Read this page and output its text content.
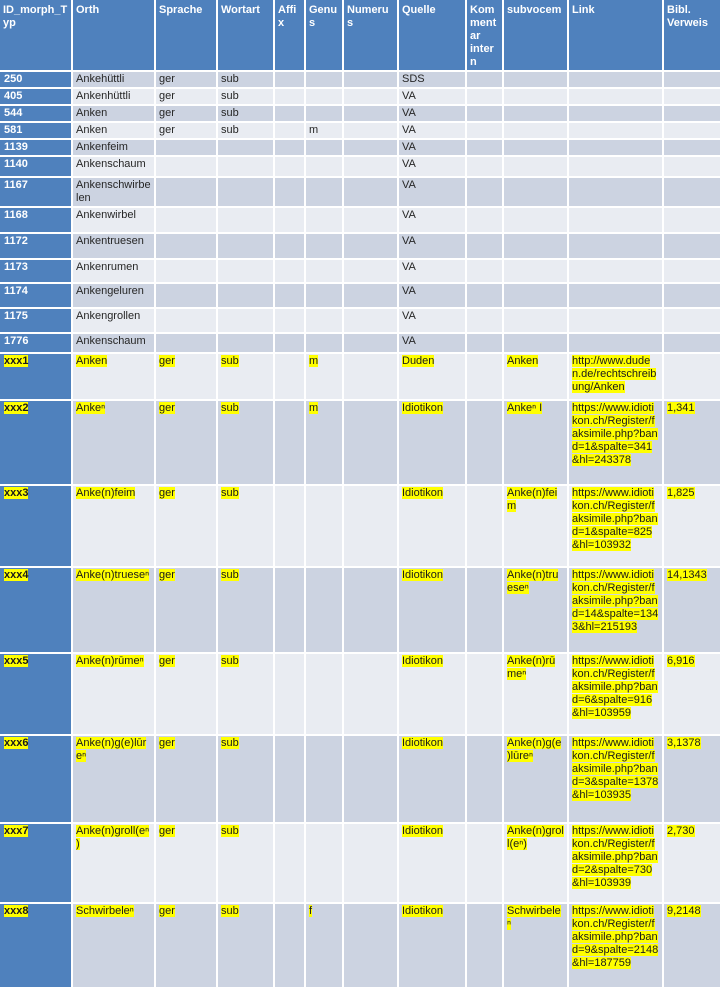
ID_morph_Typ	Orth	Sprache	Wortart	Affix	Genus	Numerus	Quelle	Kommentar intern	subvocem	Link	Bibl. Verweis
250	Ankehüttli	ger	sub				SDS				
405	Ankenhüttli	ger	sub				VA				
544	Anken	ger	sub				VA				
581	Anken	ger	sub		m		VA				
1139	Ankenfeim						VA				
1140	Ankenschaum						VA				
1167	Ankenschwirbelen						VA				
1168	Ankenwirbel						VA				
1172	Ankentruesen						VA				
1173	Ankenrumen						VA				
1174	Ankengeluren						VA				
1175	Ankengrollen						VA				
1776	Ankenschaum						VA				
xxx1	Anken	ger	sub		m		Duden		Anken	http://www.duden.de/rechtschreibung/Anken	
xxx2	Ankeⁿ	ger	sub		m		Idiotikon		Ankeⁿ I	https://www.idiotikon.ch/Register/faksimile.php?band=1&spalte=341&hl=243378	1,341
xxx3	Anke(n)feim	ger	sub				Idiotikon		Anke(n)feim	https://www.idiotikon.ch/Register/faksimile.php?band=1&spalte=825&hl=103932	1,825
xxx4	Anke(n)trueseⁿ	ger	sub				Idiotikon		Anke(n)trueseⁿ	https://www.idiotikon.ch/Register/faksimile.php?band=14&spalte=1343&hl=215193	14,1343
xxx5	Anke(n)rūmeⁿ	ger	sub				Idiotikon		Anke(n)rūmeⁿ	https://www.idiotikon.ch/Register/faksimile.php?band=6&spalte=916&hl=103959	6,916
xxx6	Anke(n)g(e)lūreⁿ	ger	sub				Idiotikon		Anke(n)g(e)lūreⁿ	https://www.idiotikon.ch/Register/faksimile.php?band=3&spalte=1378&hl=103935	3,1378
xxx7	Anke(n)groll(eⁿ)	ger	sub				Idiotikon		Anke(n)groll(eⁿ)	https://www.idiotikon.ch/Register/faksimile.php?band=2&spalte=730&hl=103939	2,730
xxx8	Schwirbeleⁿ	ger	sub		f		Idiotikon		Schwirbeleⁿ	https://www.idiotikon.ch/Register/faksimile.php?band=9&spalte=2148&hl=187759	9,2148
